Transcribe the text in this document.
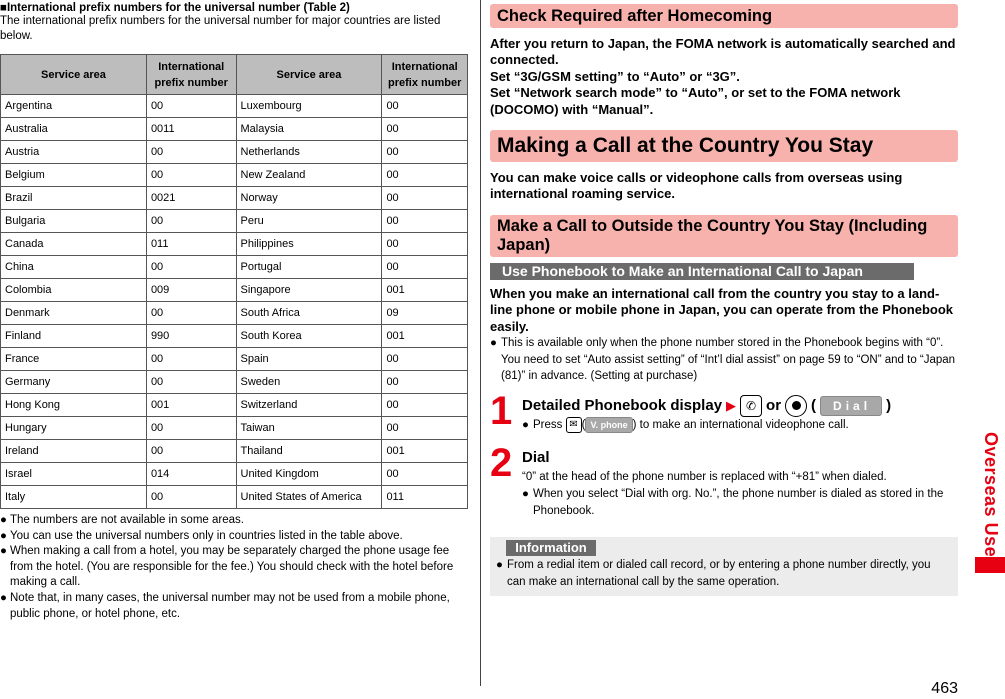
■International prefix numbers for the universal number (Table 2)
The international prefix numbers for the universal number for major countries are listed below.
Service area	International prefix number	Service area	International prefix number
Argentina	00	Luxembourg	00
Australia	0011	Malaysia	00
Austria	00	Netherlands	00
Belgium	00	New Zealand	00
Brazil	0021	Norway	00
Bulgaria	00	Peru	00
Canada	011	Philippines	00
China	00	Portugal	00
Colombia	009	Singapore	001
Denmark	00	South Africa	09
Finland	990	South Korea	001
France	00	Spain	00
Germany	00	Sweden	00
Hong Kong	001	Switzerland	00
Hungary	00	Taiwan	00
Ireland	00	Thailand	001
Israel	014	United Kingdom	00
Italy	00	United States of America	011
● The numbers are not available in some areas.
● You can use the universal numbers only in countries listed in the table above.
● When making a call from a hotel, you may be separately charged the phone usage fee from the hotel. (You are responsible for the fee.) You should check with the hotel before making a call.
● Note that, in many cases, the universal number may not be used from a mobile phone, public phone, or hotel phone, etc.
Check Required after Homecoming

After you return to Japan, the FOMA network is automatically searched and connected.

Set “3G/GSM setting” to “Auto” or “3G”.

Set “Network search mode” to “Auto”, or set to the FOMA network (DOCOMO) with “Manual”.

Making a Call at the Country You Stay

You can make voice calls or videophone calls from overseas using international roaming service.

Make a Call to Outside the Country You Stay (Including Japan)
Use Phonebook to Make an International Call to Japan

When you make an international call from the country you stay to a land-line phone or mobile phone in Japan, you can operate from the Phonebook easily.

● This is available only when the phone number stored in the Phonebook begins with “0”. You need to set “Auto assist setting” of “Int’l dial assist” on page 59 to “ON” and to “Japan (81)” in advance. (Setting at purchase)
1 Detailed Phonebook display ▶ ✆ or (	Dial	)
● Press ✉ ( V. phone ) to make an international videophone call.
2 Dial
“0” at the head of the phone number is replaced with “+81” when dialed.
● When you select “Dial with org. No.”, the phone number is dialed as stored in the Phonebook.
Information
● From a redial item or dialed call record, or by entering a phone number directly, you can make an international call by the same operation.
Overseas Use
463
